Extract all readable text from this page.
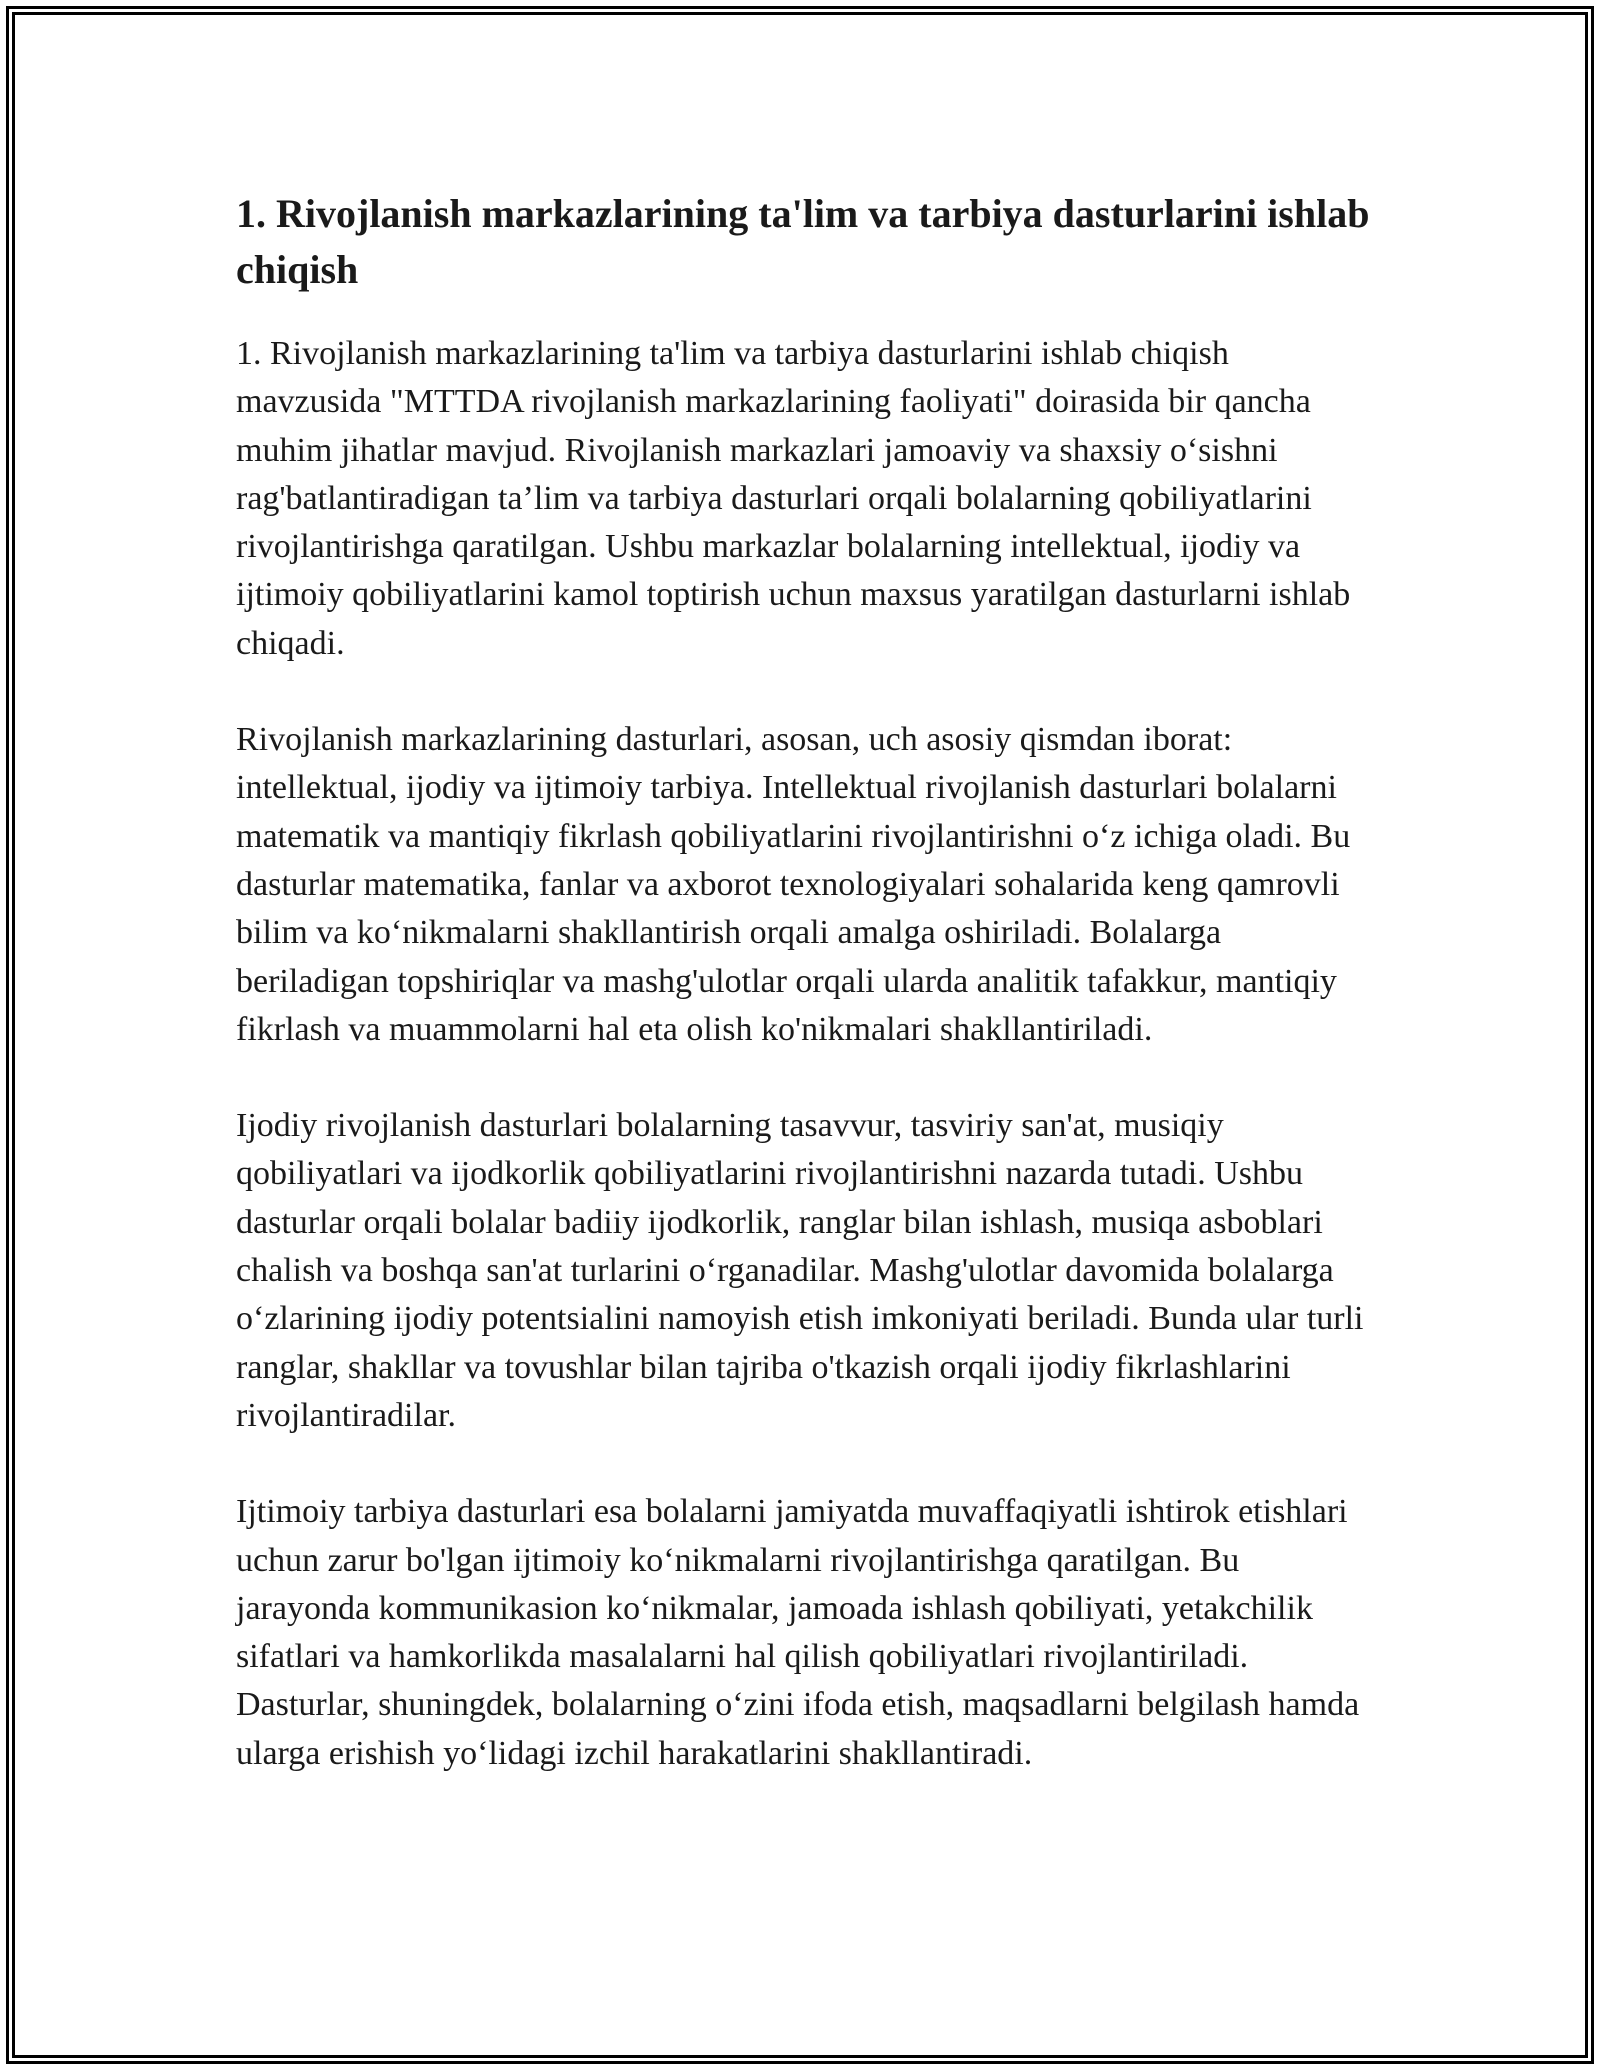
1. Rivojlanish markazlarining ta'lim va tarbiya dasturlarini ishlab chiqish

1. Rivojlanish markazlarining ta'lim va tarbiya dasturlarini ishlab chiqish mavzusida "MTTDA rivojlanish markazlarining faoliyati" doirasida bir qancha muhim jihatlar mavjud. Rivojlanish markazlari jamoaviy va shaxsiy o‘sishni rag'batlantiradigan ta’lim va tarbiya dasturlari orqali bolalarning qobiliyatlarini rivojlantirishga qaratilgan. Ushbu markazlar bolalarning intellektual, ijodiy va ijtimoiy qobiliyatlarini kamol toptirish uchun maxsus yaratilgan dasturlarni ishlab chiqadi.

Rivojlanish markazlarining dasturlari, asosan, uch asosiy qismdan iborat: intellektual, ijodiy va ijtimoiy tarbiya. Intellektual rivojlanish dasturlari bolalarni matematik va mantiqiy fikrlash qobiliyatlarini rivojlantirishni o‘z ichiga oladi. Bu dasturlar matematika, fanlar va axborot texnologiyalari sohalarida keng qamrovli bilim va ko‘nikmalarni shakllantirish orqali amalga oshiriladi. Bolalarga beriladigan topshiriqlar va mashg'ulotlar orqali ularda analitik tafakkur, mantiqiy fikrlash va muammolarni hal eta olish ko'nikmalari shakllantiriladi.

Ijodiy rivojlanish dasturlari bolalarning tasavvur, tasviriy san'at, musiqiy qobiliyatlari va ijodkorlik qobiliyatlarini rivojlantirishni nazarda tutadi. Ushbu dasturlar orqali bolalar badiiy ijodkorlik, ranglar bilan ishlash, musiqa asboblari chalish va boshqa san'at turlarini o‘rganadilar. Mashg'ulotlar davomida bolalarga o‘zlarining ijodiy potentsialini namoyish etish imkoniyati beriladi. Bunda ular turli ranglar, shakllar va tovushlar bilan tajriba o'tkazish orqali ijodiy fikrlashlarini rivojlantiradilar.

Ijtimoiy tarbiya dasturlari esa bolalarni jamiyatda muvaffaqiyatli ishtirok etishlari uchun zarur bo'lgan ijtimoiy ko‘nikmalarni rivojlantirishga qaratilgan. Bu jarayonda kommunikasion ko‘nikmalar, jamoada ishlash qobiliyati, yetakchilik sifatlari va hamkorlikda masalalarni hal qilish qobiliyatlari rivojlantiriladi. Dasturlar, shuningdek, bolalarning o‘zini ifoda etish, maqsadlarni belgilash hamda ularga erishish yo‘lidagi izchil harakatlarini shakllantiradi.
